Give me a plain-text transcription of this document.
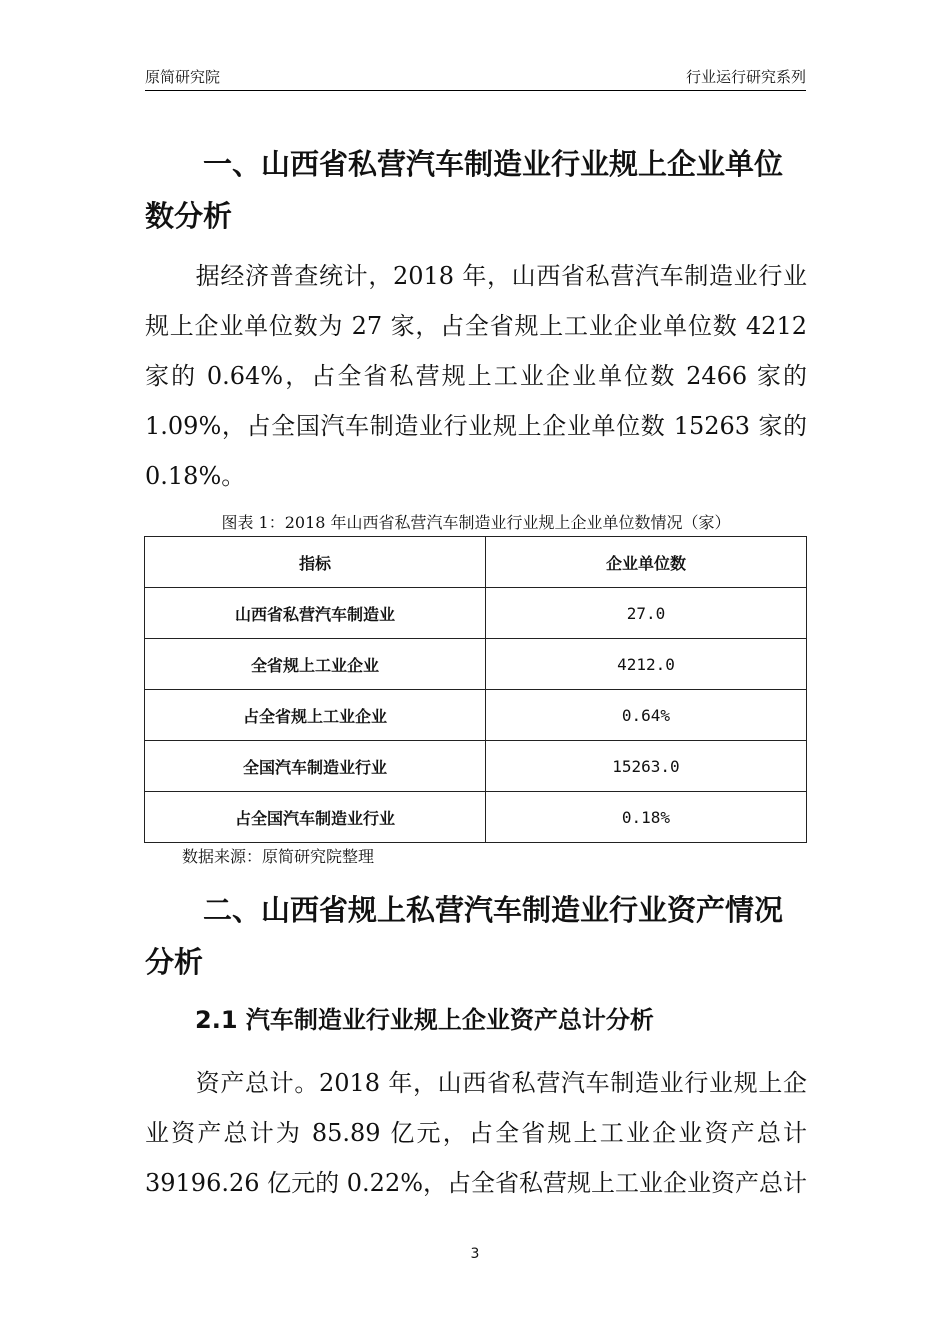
原简研究院	行业运行研究系列
一、山西省私营汽车制造业行业规上企业单位数分析

据经济普查统计，2018 年，山西省私营汽车制造业行业规上企业单位数为 27 家，占全省规上工业企业单位数 4212 家的 0.64%，占全省私营规上工业企业单位数 2466 家的 1.09%，占全国汽车制造业行业规上企业单位数 15263 家的 0.18%。

图表 1：2018 年山西省私营汽车制造业行业规上企业单位数情况（家）
指标	企业单位数
山西省私营汽车制造业	27.0
全省规上工业企业	4212.0
占全省规上工业企业	0.64%
全国汽车制造业行业	15263.0
占全国汽车制造业行业	0.18%
数据来源：原简研究院整理
二、山西省规上私营汽车制造业行业资产情况分析
2.1 汽车制造业行业规上企业资产总计分析

资产总计。2018 年，山西省私营汽车制造业行业规上企业资产总计为 85.89 亿元，占全省规上工业企业资产总计 39196.26 亿元的 0.22%，占全省私营规上工业企业资产总计

3
